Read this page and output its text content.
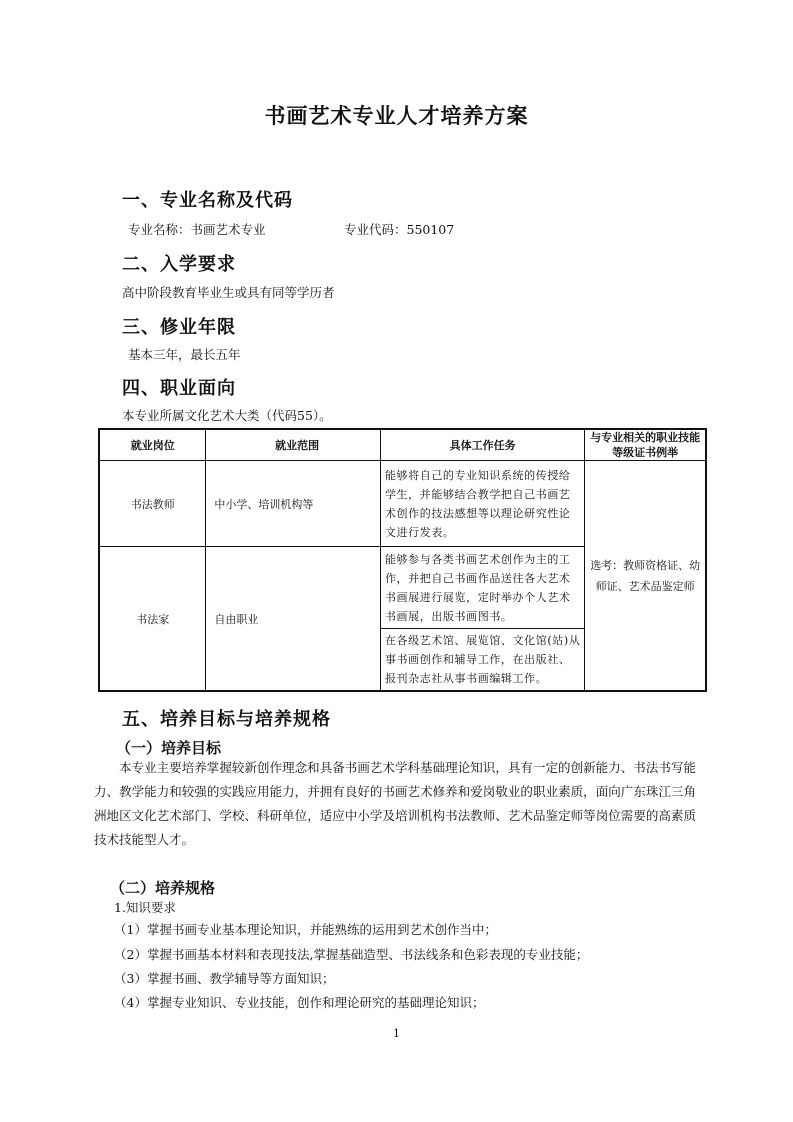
书画艺术专业人才培养方案
一、专业名称及代码
专业名称：书画艺术专业	专业代码：550107
二、入学要求
高中阶段教育毕业生或具有同等学历者
三、修业年限
基本三年，最长五年
四、职业面向
本专业所属文化艺术大类（代码55）。
就业岗位	就业范围	具体工作任务	与专业相关的职业技能等级证书例举
书法教师	中小学、培训机构等	能够将自己的专业知识系统的传授给学生，并能够结合教学把自己书画艺术创作的技法感想等以理论研究性论文进行发表。	选考：教师资格证、幼师证、艺术品鉴定师
书法家	自由职业	能够参与各类书画艺术创作为主的工作，并把自己书画作品送往各大艺术书画展进行展览，定时举办个人艺术书画展，出版书画图书。	

		在各级艺术馆、展览馆、文化馆(站)从事书画创作和辅导工作，在出版社、报刊杂志社从事书画编辑工作。	
五、培养目标与培养规格
（一）培养目标
本专业主要培养掌握较新创作理念和具备书画艺术学科基础理论知识，具有一定的创新能力、书法书写能力、教学能力和较强的实践应用能力，并拥有良好的书画艺术修养和爱岗敬业的职业素质，面向广东珠江三角洲地区文化艺术部门、学校、科研单位，适应中小学及培训机构书法教师、艺术品鉴定师等岗位需要的高素质技术技能型人才。
（二）培养规格
1.知识要求
（1）掌握书画专业基本理论知识，并能熟练的运用到艺术创作当中；
（2）掌握书画基本材料和表现技法,掌握基础造型、书法线条和色彩表现的专业技能；
（3）掌握书画、教学辅导等方面知识；
（4）掌握专业知识、专业技能，创作和理论研究的基础理论知识；
1
